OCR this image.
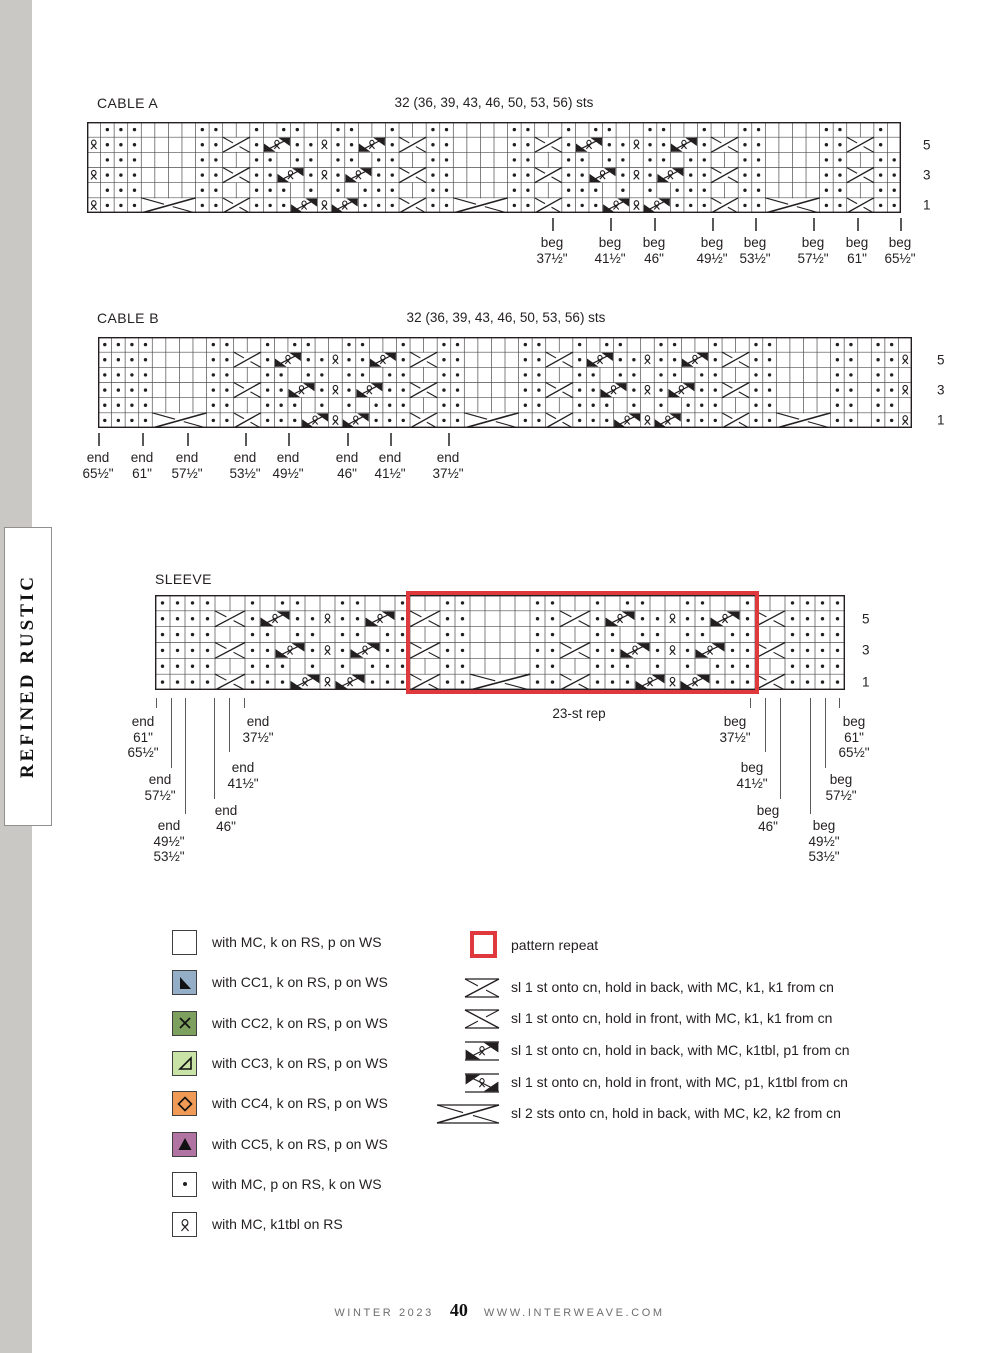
REFINED RUSTIC
CABLE A	32 (36, 39, 43, 46, 50, 53, 56) sts
beg
37½"
beg
41½"
beg
46"
beg
49½"
beg
53½"
beg
57½"
beg
61"
beg
65½"
CABLE B	32 (36, 39, 43, 46, 50, 53, 56) sts
end
65½"
end
61"
end
57½"
end
53½"
end
49½"
end
46"
end
41½"
end
37½"
SLEEVE
23-st rep
end
61"
65½"
end
57½"
end
49½"
53½"
end
46"
end
41½"
end
37½"
beg
37½"
beg
41½"
beg
46"	beg
49½"
53½"
beg
57½"
beg
61"
65½"
with MC, k on RS, p on WS
with CC1, k on RS, p on WS
with CC2, k on RS, p on WS
with CC3, k on RS, p on WS
with CC4, k on RS, p on WS
with CC5, k on RS, p on WS
with MC, p on RS, k on WS
with MC, k1tbl on RS
pattern repeat
sl 1 st onto cn, hold in back, with MC, k1, k1 from cn
sl 1 st onto cn, hold in front, with MC, k1, k1 from cn
sl 1 st onto cn, hold in back, with MC, k1tbl, p1 from cn
sl 1 st onto cn, hold in front, with MC, p1, k1tbl from cn
sl 2 sts onto cn, hold in back, with MC, k2, k2 from cn
WINTER 2023 40 WWW.INTERWEAVE.COM
5
3
1
5
3
1
5
3
1
